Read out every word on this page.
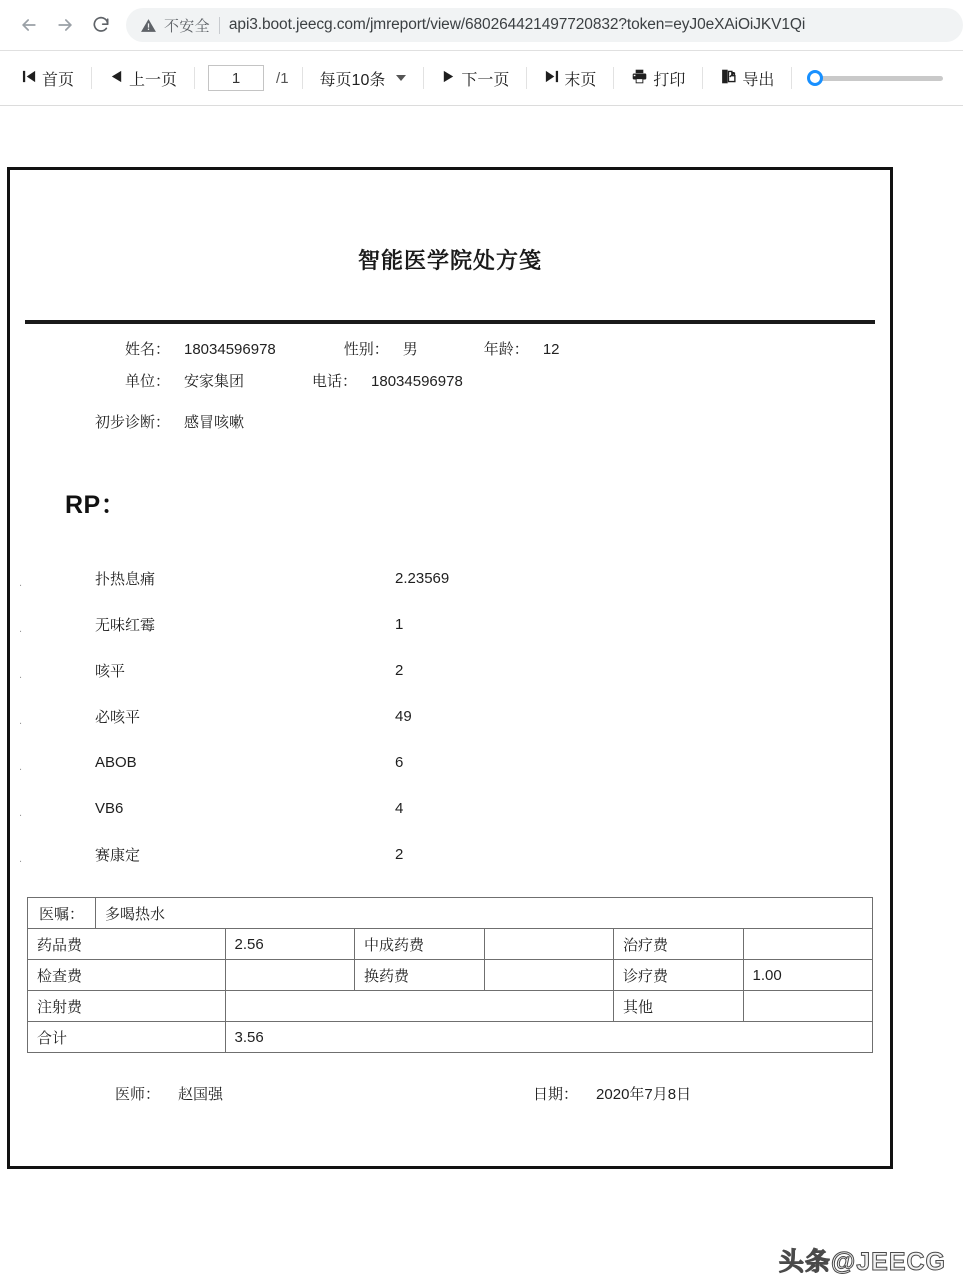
不安全 api3.boot.jeecg.com/jmreport/view/680264421497720832?token=eyJ0eXAiOiJKV1Qi
首页	上一页
1	/1 每页10条	下一页	末页	打印	导出
智能医学院处方笺
姓名： 18034596978	性别： 男	年龄： 12
单位： 安家集团	电话： 18034596978
初步诊断： 感冒咳嗽
RP：
.	扑热息痛	2.23569
.	无味红霉	1
.	咳平	2
.	必咳平	49
.	ABOB	6
.	VB6	4
.	赛康定	2
医嘱：	多喝热水					
药品费		2.56	中成药费		治疗费	
检查费			换药费		诊疗费	1.00
注射费					其他	
合计		3.56				
医师： 赵国强	日期： 2020年7月8日
头条@JEECG
